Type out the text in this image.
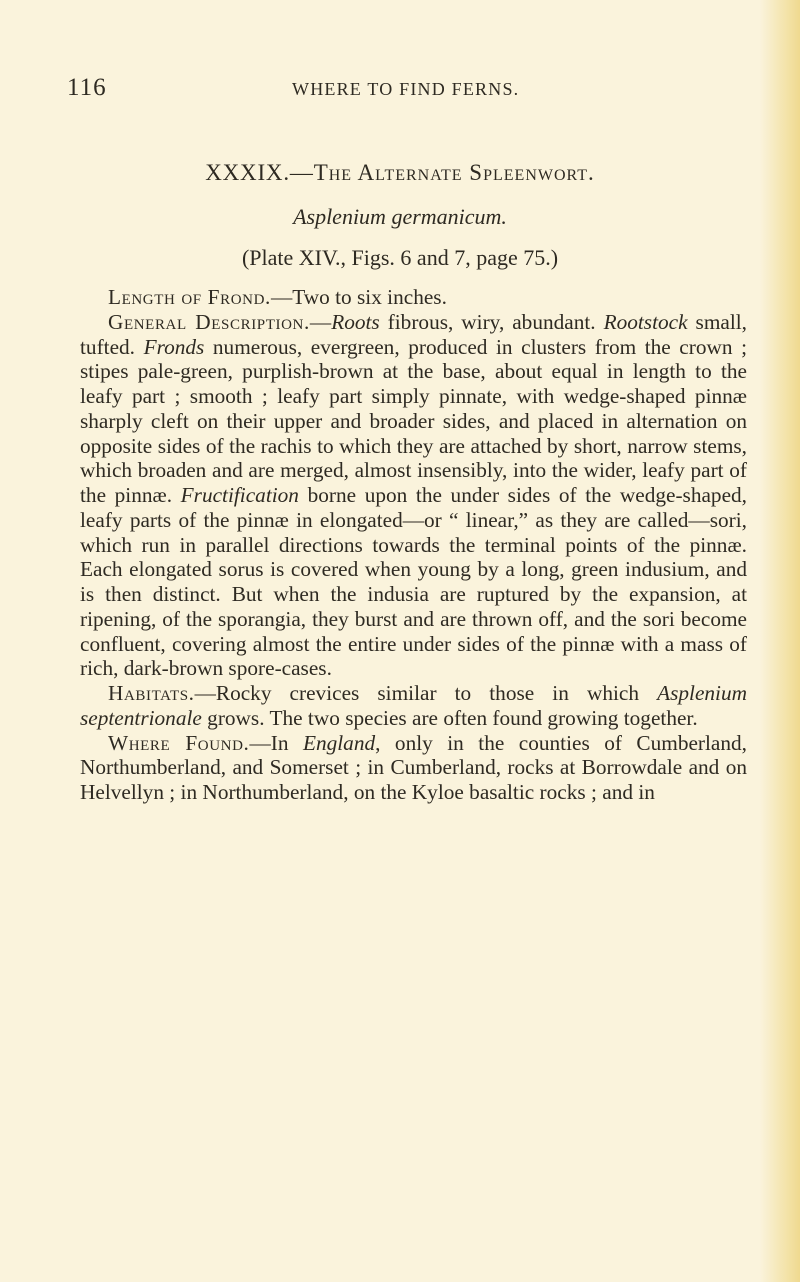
116	WHERE TO FIND FERNS.
XXXIX.—The Alternate Spleenwort.
Asplenium germanicum.
(Plate XIV., Figs. 6 and 7, page 75.)

Length of Frond.—Two to six inches.

General Description.—Roots fibrous, wiry, abundant. Rootstock small, tufted. Fronds numerous, evergreen, produced in clusters from the crown ; stipes pale-green, purplish-brown at the base, about equal in length to the leafy part ; smooth ; leafy part simply pinnate, with wedge-shaped pinnæ sharply cleft on their upper and broader sides, and placed in alternation on opposite sides of the rachis to which they are attached by short, narrow stems, which broaden and are merged, almost insensibly, into the wider, leafy part of the pinnæ. Fructification borne upon the under sides of the wedge-shaped, leafy parts of the pinnæ in elongated—or “ linear,” as they are called—sori, which run in parallel directions towards the terminal points of the pinnæ. Each elongated sorus is covered when young by a long, green indusium, and is then distinct. But when the indusia are ruptured by the expansion, at ripening, of the sporangia, they burst and are thrown off, and the sori become confluent, covering almost the entire under sides of the pinnæ with a mass of rich, dark-brown spore-cases.

Habitats.—Rocky crevices similar to those in which Asplenium septentrionale grows. The two species are often found growing together.

Where Found.—In England, only in the counties of Cumberland, Northumberland, and Somerset ; in Cumberland, rocks at Borrowdale and on Helvellyn ; in Northumberland, on the Kyloe basaltic rocks ; and in
